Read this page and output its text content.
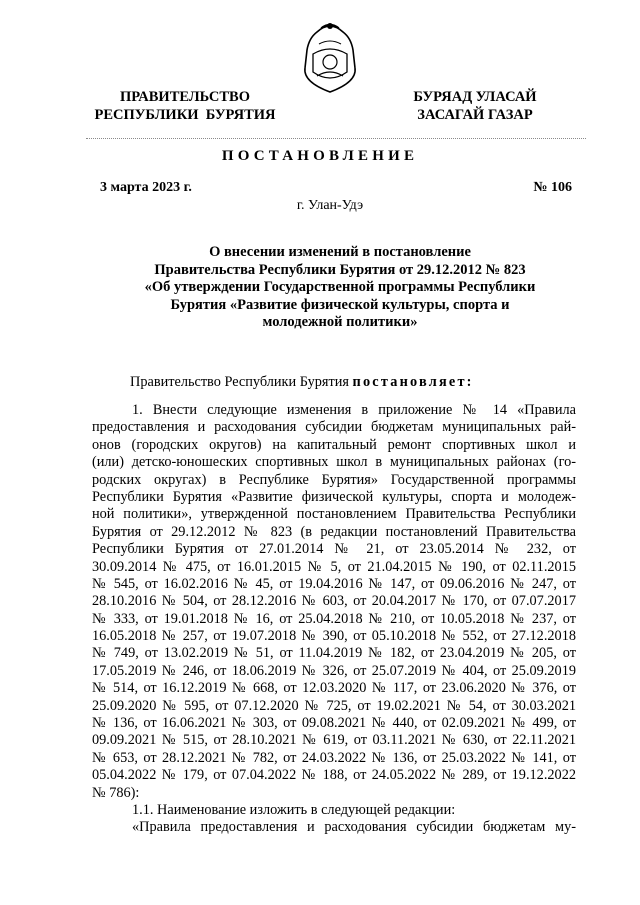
ПРАВИТЕЛЬСТВО
РЕСПУБЛИКИ  БУРЯТИЯ
БУРЯАД УЛАСАЙ
ЗАСАГАЙ ГАЗАР
ПОСТАНОВЛЕНИЕ
3 марта 2023 г.	№ 106
г. Улан-Удэ
О внесении изменений в постановление
Правительства Республики Бурятия от 29.12.2012 № 823
«Об утверждении Государственной программы Республики
Бурятия «Развитие физической культуры, спорта и
молодежной политики»
Правительство Республики Бурятия постановляет:
1. Внести следующие изменения в приложение № 14 «Правила
предоставления и расходования субсидии бюджетам муниципальных рай-
онов (городских округов) на капитальный ремонт спортивных школ и
(или) детско-юношеских спортивных школ в муниципальных районах (го-
родских округах) в Республике Бурятия» Государственной программы
Республики Бурятия «Развитие физической культуры, спорта и молодеж-
ной политики», утвержденной постановлением Правительства Республики
Бурятия от 29.12.2012 № 823 (в редакции постановлений Правительства
Республики Бурятия от 27.01.2014 № 21, от 23.05.2014 № 232, от
30.09.2014 № 475, от 16.01.2015 № 5, от 21.04.2015 № 190, от 02.11.2015
№ 545, от 16.02.2016 № 45, от 19.04.2016 № 147, от 09.06.2016 № 247, от
28.10.2016 № 504, от 28.12.2016 № 603, от 20.04.2017 № 170, от 07.07.2017
№ 333, от 19.01.2018 № 16, от 25.04.2018 № 210, от 10.05.2018 № 237, от
16.05.2018 № 257, от 19.07.2018 № 390, от 05.10.2018 № 552, от 27.12.2018
№ 749, от 13.02.2019 № 51, от 11.04.2019 № 182, от 23.04.2019 № 205, от
17.05.2019 № 246, от 18.06.2019 № 326, от 25.07.2019 № 404, от 25.09.2019
№ 514, от 16.12.2019 № 668, от 12.03.2020 № 117, от 23.06.2020 № 376, от
25.09.2020 № 595, от 07.12.2020 № 725, от 19.02.2021 № 54, от 30.03.2021
№ 136, от 16.06.2021 № 303, от 09.08.2021 № 440, от 02.09.2021 № 499, от
09.09.2021 № 515, от 28.10.2021 № 619, от 03.11.2021 № 630, от 22.11.2021
№ 653, от 28.12.2021 № 782, от 24.03.2022 № 136, от 25.03.2022 № 141, от
05.04.2022 № 179, от 07.04.2022 № 188, от 24.05.2022 № 289, от 19.12.2022
№ 786):
1.1. Наименование изложить в следующей редакции:
«Правила предоставления и расходования субсидии бюджетам му-
